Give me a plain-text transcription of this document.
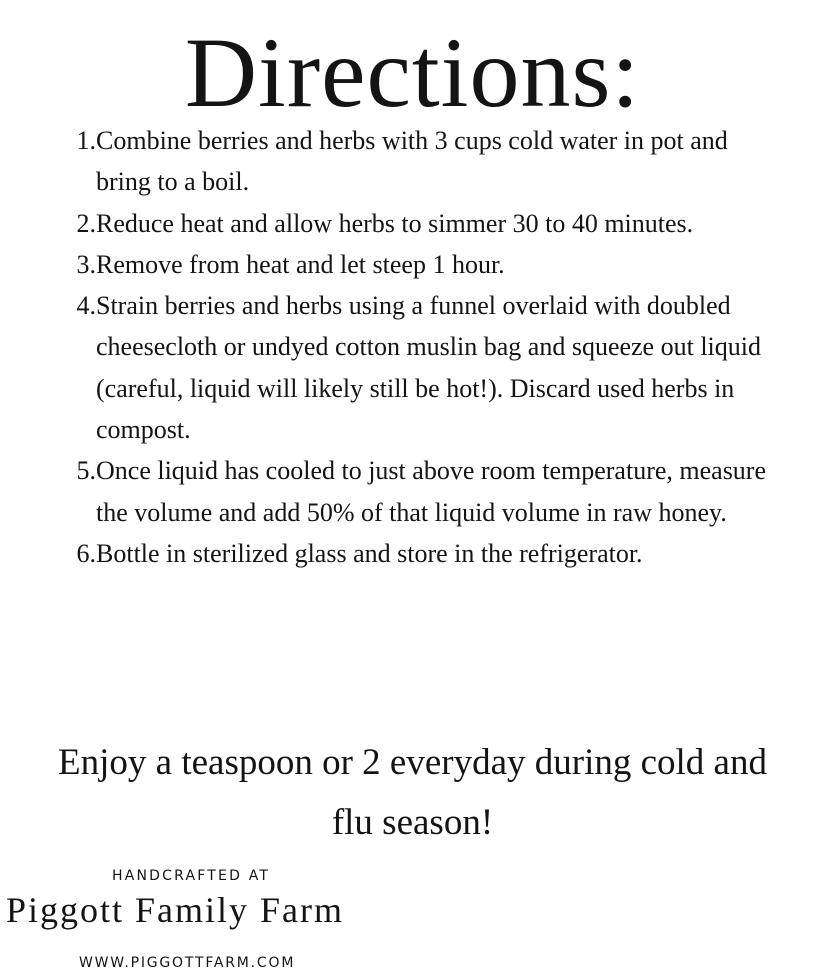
Directions:
1. Combine berries and herbs with 3 cups cold water in pot and bring to a boil.
2. Reduce heat and allow herbs to simmer 30 to 40 minutes.
3. Remove from heat and let steep 1 hour.
4. Strain berries and herbs using a funnel overlaid with doubled cheesecloth or undyed cotton muslin bag and squeeze out liquid (careful, liquid will likely still be hot!). Discard used herbs in compost.
5. Once liquid has cooled to just above room temperature, measure the volume and add 50% of that liquid volume in raw honey.
6. Bottle in sterilized glass and store in the refrigerator.

Enjoy a teaspoon or 2 everyday during cold and flu season!

HANDCRAFTED AT

Piggott Family Farm

WWW.PIGGOTTFARM.COM
